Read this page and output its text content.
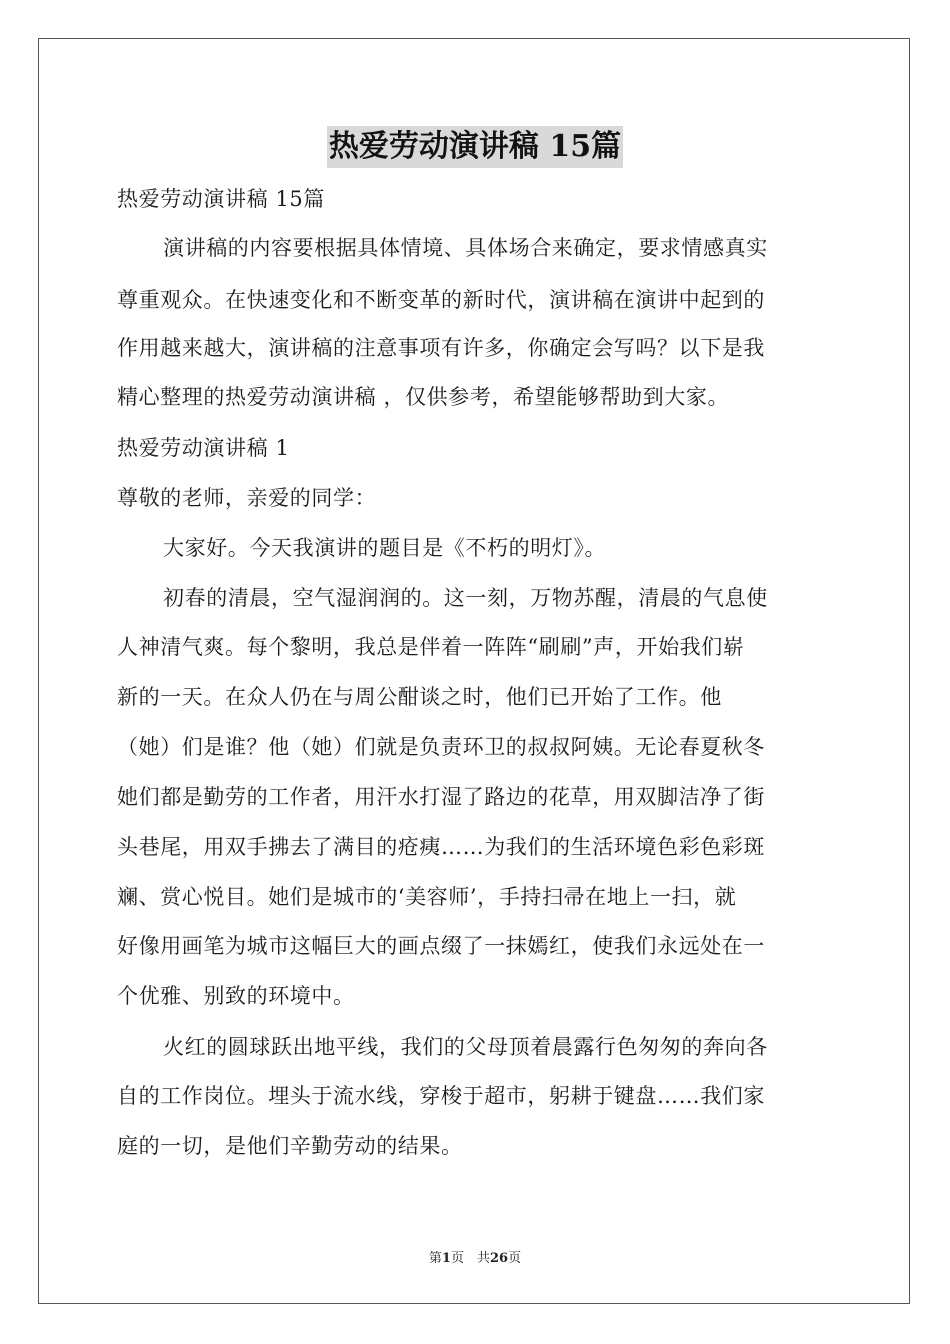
热爱劳动演讲稿 15篇
热爱劳动演讲稿 15篇
演讲稿的内容要根据具体情境、具体场合来确定，要求情感真实
尊重观众。在快速变化和不断变革的新时代，演讲稿在演讲中起到的
作用越来越大，演讲稿的注意事项有许多，你确定会写吗？以下是我
精心整理的热爱劳动演讲稿 ，仅供参考，希望能够帮助到大家。
热爱劳动演讲稿 1
尊敬的老师，亲爱的同学：
大家好。今天我演讲的题目是《不朽的明灯》。
初春的清晨，空气湿润润的。这一刻，万物苏醒，清晨的气息使
人神清气爽。每个黎明，我总是伴着一阵阵“刷刷”声，开始我们崭
新的一天。在众人仍在与周公酣谈之时，他们已开始了工作。他
（她）们是谁？他（她）们就是负责环卫的叔叔阿姨。无论春夏秋冬
她们都是勤劳的工作者，用汗水打湿了路边的花草，用双脚洁净了街
头巷尾，用双手拂去了满目的疮痍……为我们的生活环境色彩色彩斑
斓、赏心悦目。她们是城市的‘美容师’，手持扫帚在地上一扫，就
好像用画笔为城市这幅巨大的画点缀了一抹嫣红，使我们永远处在一
个优雅、别致的环境中。
火红的圆球跃出地平线，我们的父母顶着晨露行色匆匆的奔向各
自的工作岗位。埋头于流水线，穿梭于超市，躬耕于键盘……我们家
庭的一切，是他们辛勤劳动的结果。
第1页　共26页
